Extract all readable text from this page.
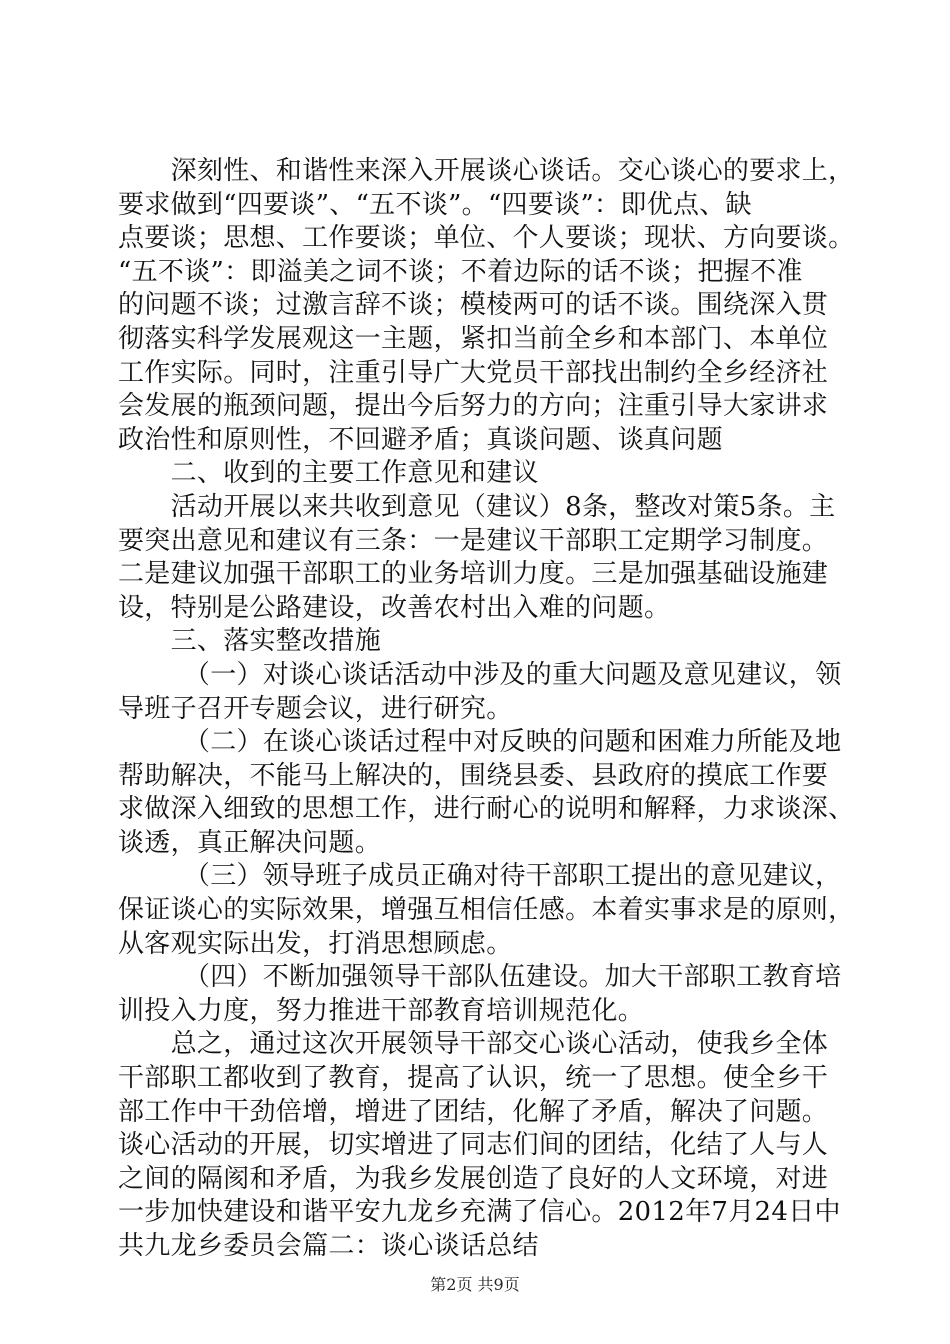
　　深刻性、和谐性来深入开展谈心谈话。交心谈心的要求上，
要求做到“四要谈”、“五不谈”。“四要谈”：即优点、缺
点要谈；思想、工作要谈；单位、个人要谈；现状、方向要谈。
“五不谈”：即溢美之词不谈；不着边际的话不谈；把握不准
的问题不谈；过激言辞不谈；模棱两可的话不谈。围绕深入贯
彻落实科学发展观这一主题，紧扣当前全乡和本部门、本单位
工作实际。同时，注重引导广大党员干部找出制约全乡经济社
会发展的瓶颈问题，提出今后努力的方向；注重引导大家讲求
政治性和原则性，不回避矛盾；真谈问题、谈真问题
　　二、收到的主要工作意见和建议
　　活动开展以来共收到意见（建议）8条，整改对策5条。主
要突出意见和建议有三条：一是建议干部职工定期学习制度。
二是建议加强干部职工的业务培训力度。三是加强基础设施建
设，特别是公路建设，改善农村出入难的问题。
　　三、落实整改措施
　　　（一）对谈心谈话活动中涉及的重大问题及意见建议，领
导班子召开专题会议，进行研究。
　　　（二）在谈心谈话过程中对反映的问题和困难力所能及地
帮助解决，不能马上解决的，围绕县委、县政府的摸底工作要
求做深入细致的思想工作，进行耐心的说明和解释，力求谈深、
谈透，真正解决问题。
　　　（三）领导班子成员正确对待干部职工提出的意见建议，
保证谈心的实际效果，增强互相信任感。本着实事求是的原则，
从客观实际出发，打消思想顾虑。
　　　（四）不断加强领导干部队伍建设。加大干部职工教育培
训投入力度，努力推进干部教育培训规范化。
　　总之，通过这次开展领导干部交心谈心活动，使我乡全体
干部职工都收到了教育，提高了认识，统一了思想。使全乡干
部工作中干劲倍增，增进了团结，化解了矛盾，解决了问题。
谈心活动的开展，切实增进了同志们间的团结，化结了人与人
之间的隔阂和矛盾，为我乡发展创造了良好的人文环境，对进
一步加快建设和谐平安九龙乡充满了信心。2012年7月24日中
共九龙乡委员会篇二：谈心谈话总结
第2页 共9页
